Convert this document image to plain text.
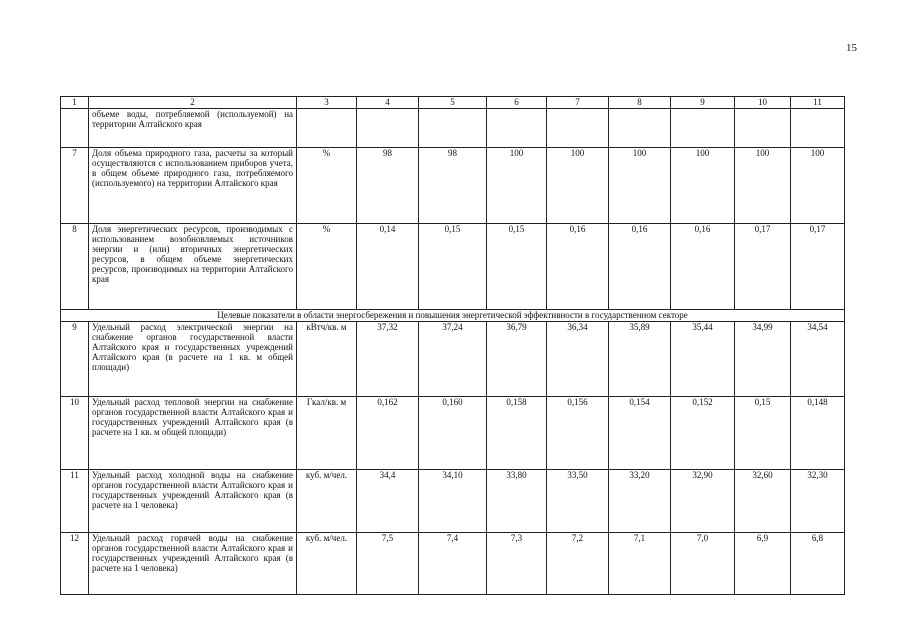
15
1	2	3	4	5	6	7	8	9	10	11
	объеме воды, потребляемой (используемой) на территории Алтайского края									
7	Доля объема природного газа, расчеты за который осуществляются с использованием приборов учета, в общем объеме природного газа, потребляемого (используемого) на территории Алтайского края	%	98	98	100	100	100	100	100	100
8	Доля энергетических ресурсов, производимых с использованием возобновляемых источников энергии и (или) вторичных энергетических ресурсов, в общем объеме энергетических ресурсов, производимых на территории Алтайского края	%	0,14	0,15	0,15	0,16	0,16	0,16	0,17	0,17
Целевые показатели в области энергосбережения и повышения энергетической эффективности в государственном секторе										
9	Удельный расход электрической энергии на снабжение органов государственной власти Алтайского края и государственных учреждений Алтайского края (в расчете на 1 кв. м общей площади)	кВтч/кв. м	37,32	37,24	36,79	36,34	35,89	35,44	34,99	34,54
10	Удельный расход тепловой энергии на снабжение органов государственной власти Алтайского края и государственных учреждений Алтайского края (в расчете на 1 кв. м общей площади)	Гкал/кв. м	0,162	0,160	0,158	0,156	0,154	0,152	0,15	0,148
11	Удельный расход холодной воды на снабжение органов государственной власти Алтайского края и государственных учреждений Алтайского края (в расчете на 1 человека)	куб. м/чел.	34,4	34,10	33,80	33,50	33,20	32,90	32,60	32,30
12	Удельный расход горячей воды на снабжение органов государственной власти Алтайского края и государственных учреждений Алтайского края (в расчете на 1 человека)	куб. м/чел.	7,5	7,4	7,3	7,2	7,1	7,0	6,9	6,8
